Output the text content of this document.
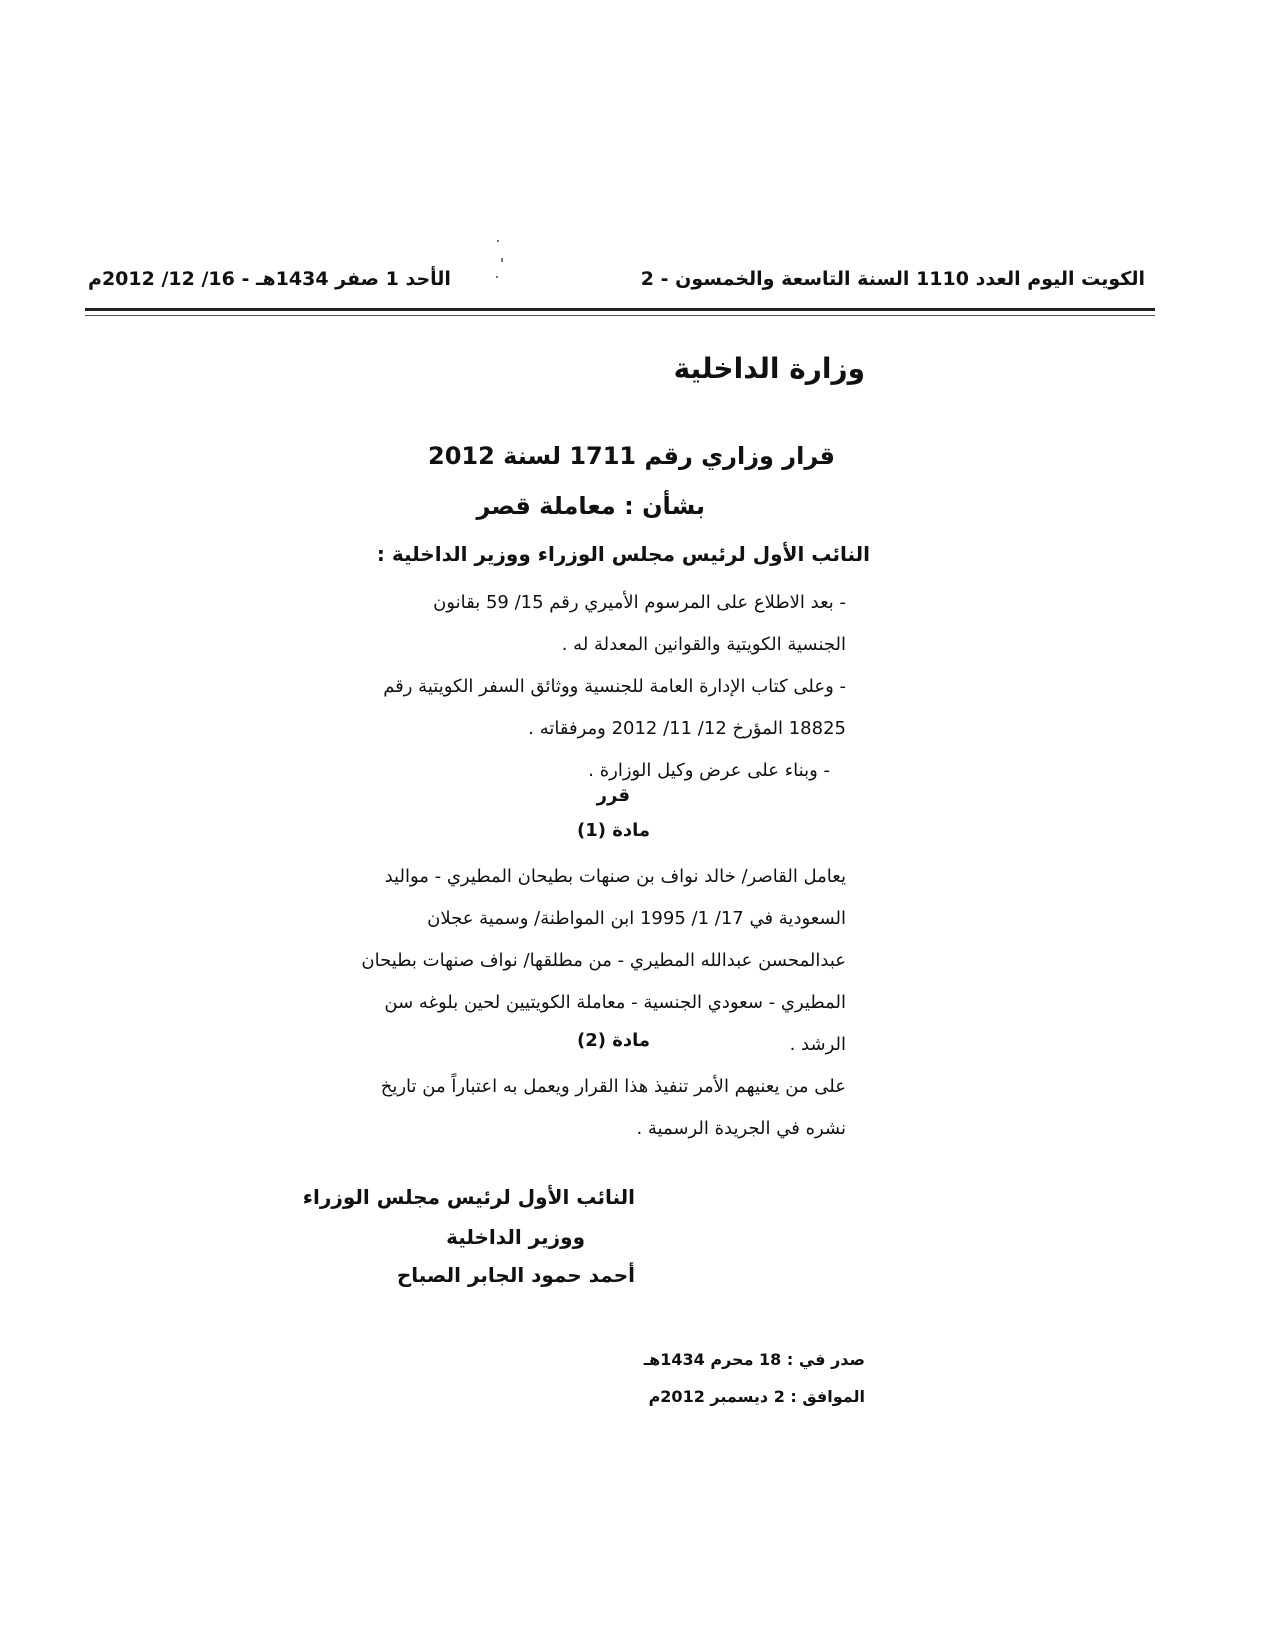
الكويت اليوم العدد 1110 السنة التاسعة والخمسون - 2
الأحد 1 صفر 1434هـ - 16/ 12/ 2012م
وزارة الداخلية
قرار وزاري رقم 1711 لسنة 2012
بشأن : معاملة قصر
النائب الأول لرئيس مجلس الوزراء ووزير الداخلية :

- بعد الاطلاع على المرسوم الأميري رقم 15/ 59 بقانون الجنسية الكويتية والقوانين المعدلة له .

- وعلى كتاب الإدارة العامة للجنسية ووثائق السفر الكويتية رقم 18825 المؤرخ 12/ 11/ 2012 ومرفقاته .

- وبناء على عرض وكيل الوزارة .

قرر
مادة (1)
يعامل القاصر/ خالد نواف بن صنهات بطيحان المطيري - مواليد السعودية في 17/ 1/ 1995 ابن المواطنة/ وسمية عجلان عبدالمحسن عبدالله المطيري - من مطلقها/ نواف صنهات بطيحان المطيري - سعودي الجنسية - معاملة الكويتيين لحين بلوغه سن الرشد .
مادة (2)
على من يعنيهم الأمر تنفيذ هذا القرار ويعمل به اعتباراً من تاريخ نشره في الجريدة الرسمية .
النائب الأول لرئيس مجلس الوزراء
ووزير الداخلية
أحمد حمود الجابر الصباح
صدر في : 18 محرم 1434هـ
الموافق : 2 ديسمبر 2012م
